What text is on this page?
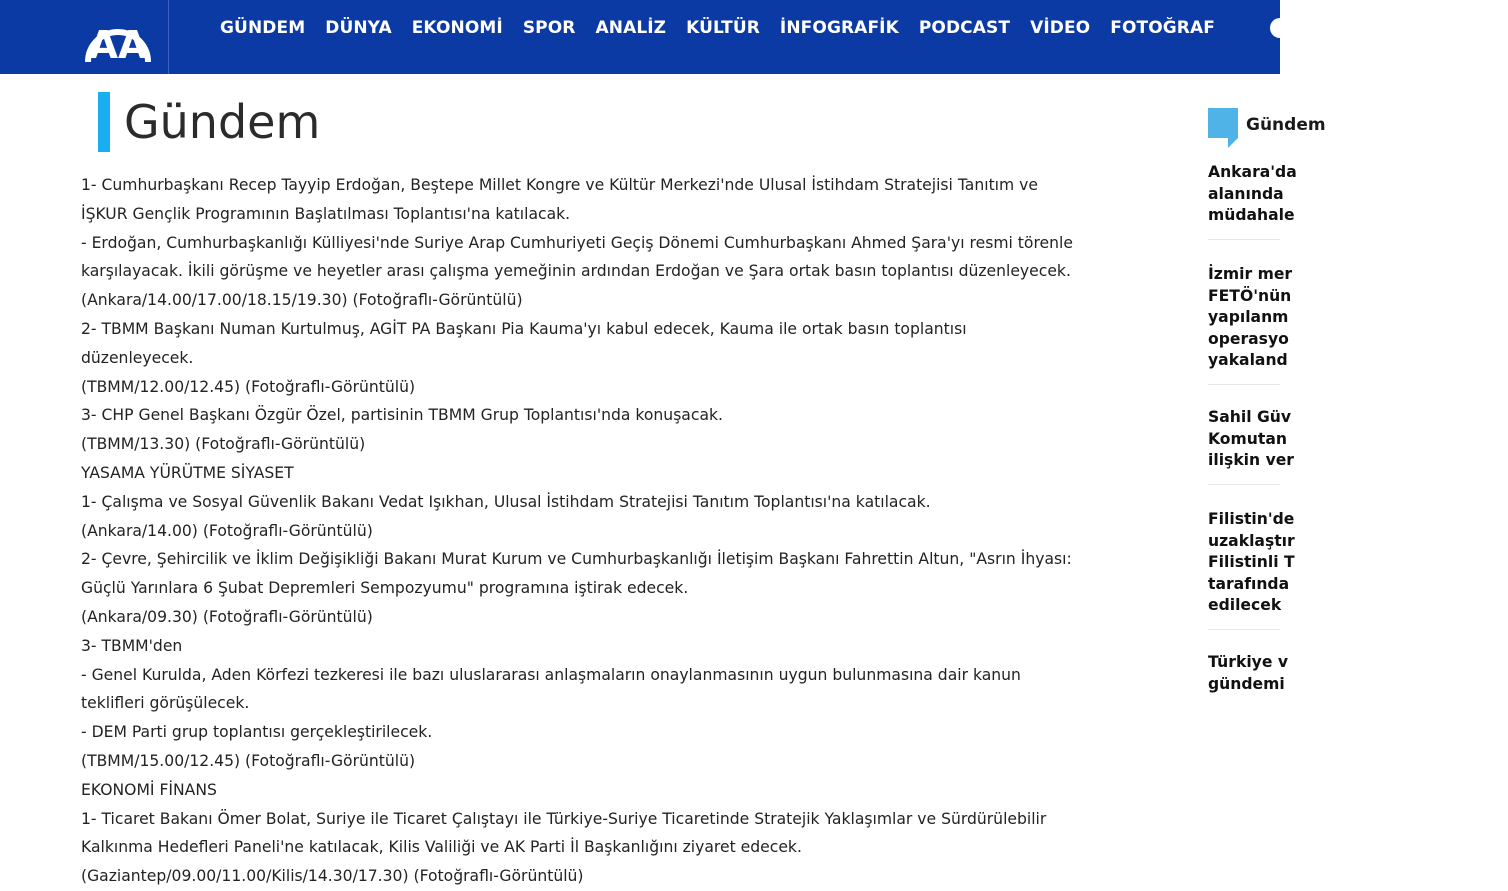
AA	GÜNDEM	DÜNYA	EKONOMİ	SPOR	ANALİZ	KÜLTÜR	İNFOGRAFİK	PODCAST	VİDEO	FOTOĞRAF
Gündem

1- Cumhurbaşkanı Recep Tayyip Erdoğan, Beştepe Millet Kongre ve Kültür Merkezi'nde Ulusal İstihdam Stratejisi Tanıtım ve

İŞKUR Gençlik Programının Başlatılması Toplantısı'na katılacak.

- Erdoğan, Cumhurbaşkanlığı Külliyesi'nde Suriye Arap Cumhuriyeti Geçiş Dönemi Cumhurbaşkanı Ahmed Şara'yı resmi törenle

karşılayacak. İkili görüşme ve heyetler arası çalışma yemeğinin ardından Erdoğan ve Şara ortak basın toplantısı düzenleyecek.

(Ankara/14.00/17.00/18.15/19.30) (Fotoğraflı-Görüntülü)

2- TBMM Başkanı Numan Kurtulmuş, AGİT PA Başkanı Pia Kauma'yı kabul edecek, Kauma ile ortak basın toplantısı

düzenleyecek.

(TBMM/12.00/12.45) (Fotoğraflı-Görüntülü)

3- CHP Genel Başkanı Özgür Özel, partisinin TBMM Grup Toplantısı'nda konuşacak.

(TBMM/13.30) (Fotoğraflı-Görüntülü)

YASAMA YÜRÜTME SİYASET

1- Çalışma ve Sosyal Güvenlik Bakanı Vedat Işıkhan, Ulusal İstihdam Stratejisi Tanıtım Toplantısı'na katılacak.

(Ankara/14.00) (Fotoğraflı-Görüntülü)

2- Çevre, Şehircilik ve İklim Değişikliği Bakanı Murat Kurum ve Cumhurbaşkanlığı İletişim Başkanı Fahrettin Altun, "Asrın İhyası:

Güçlü Yarınlara 6 Şubat Depremleri Sempozyumu" programına iştirak edecek.

(Ankara/09.30) (Fotoğraflı-Görüntülü)

3- TBMM'den

- Genel Kurulda, Aden Körfezi tezkeresi ile bazı uluslararası anlaşmaların onaylanmasının uygun bulunmasına dair kanun

teklifleri görüşülecek.

- DEM Parti grup toplantısı gerçekleştirilecek.

(TBMM/15.00/12.45) (Fotoğraflı-Görüntülü)

EKONOMİ FİNANS

1- Ticaret Bakanı Ömer Bolat, Suriye ile Ticaret Çalıştayı ile Türkiye-Suriye Ticaretinde Stratejik Yaklaşımlar ve Sürdürülebilir

Kalkınma Hedefleri Paneli'ne katılacak, Kilis Valiliği ve AK Parti İl Başkanlığını ziyaret edecek.

(Gaziantep/09.00/11.00/Kilis/14.30/17.30) (Fotoğraflı-Görüntülü)

Gündem
Ankara'da
alanında
müdahale
İzmir mer
FETÖ'nün
yapılanm
operasyo
yakaland
Sahil Güv
Komutan
ilişkin ver
Filistin'de
uzaklaştır
Filistinli T
tarafında
edilecek
Türkiye v
gündemi
